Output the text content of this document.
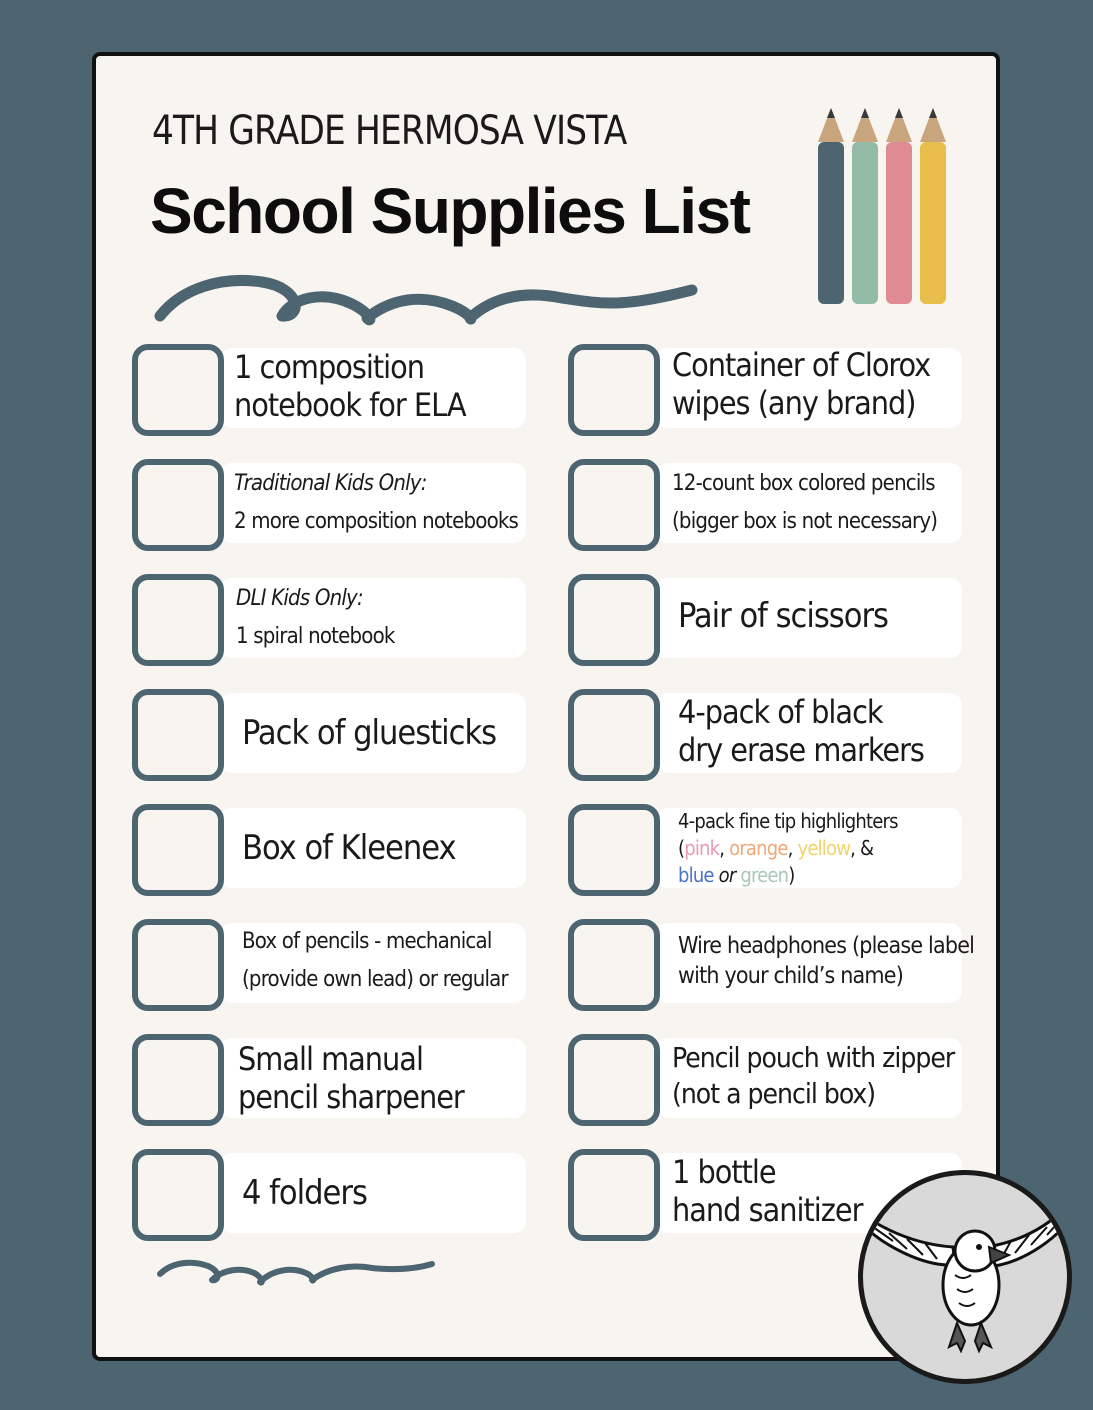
4TH GRADE HERMOSA VISTA
School Supplies List
1 composition
notebook for ELA
Traditional Kids Only:
2 more composition notebooks
DLI Kids Only:
1 spiral notebook
Pack of gluesticks
Box of Kleenex
Box of pencils - mechanical
(provide own lead) or regular
Small manual
pencil sharpener
4 folders
Container of Clorox
wipes (any brand)
12-count box colored pencils
(bigger box is not necessary)
Pair of scissors
4-pack of black
dry erase markers
4-pack fine tip highlighters
(pink, orange, yellow, &
blue or green)
Wire headphones (please label
with your child’s name)
Pencil pouch with zipper
(not a pencil box)
1 bottle
hand sanitizer
